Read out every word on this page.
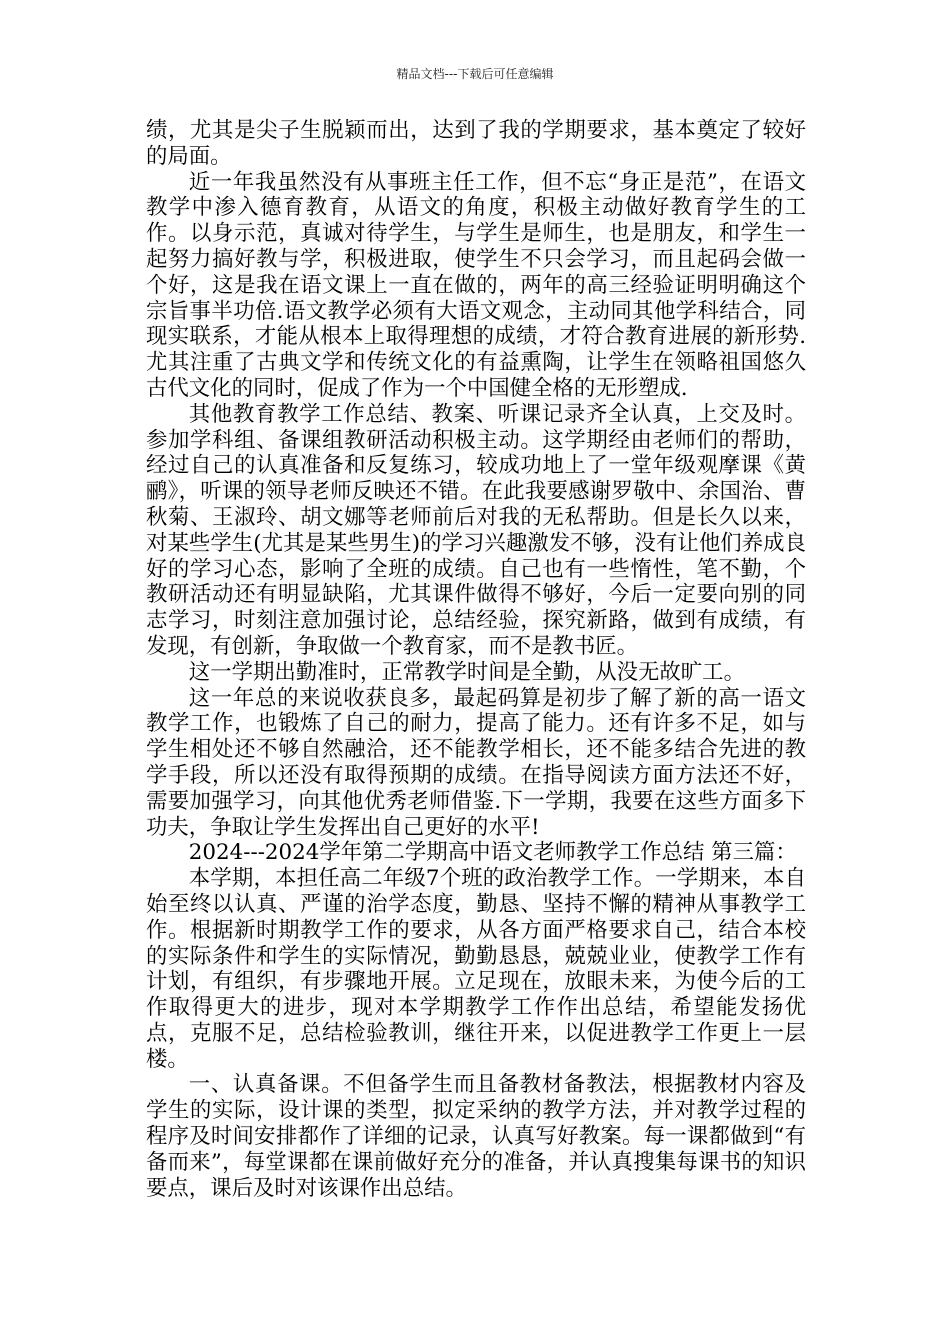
精品文档---下载后可任意编辑

绩，尤其是尖子生脱颖而出，达到了我的学期要求，基本奠定了较好的局面。

近一年我虽然没有从事班主任工作，但不忘“身正是范”，在语文教学中渗入德育教育，从语文的角度，积极主动做好教育学生的工作。以身示范，真诚对待学生，与学生是师生，也是朋友，和学生一起努力搞好教与学，积极进取，使学生不只会学习，而且起码会做一个好，这是我在语文课上一直在做的，两年的高三经验证明明确这个宗旨事半功倍.语文教学必须有大语文观念，主动同其他学科结合，同现实联系，才能从根本上取得理想的成绩，才符合教育进展的新形势.尤其注重了古典文学和传统文化的有益熏陶，让学生在领略祖国悠久古代文化的同时，促成了作为一个中国健全格的无形塑成.

其他教育教学工作总结、教案、听课记录齐全认真，上交及时。参加学科组、备课组教研活动积极主动。这学期经由老师们的帮助，经过自己的认真准备和反复练习，较成功地上了一堂年级观摩课《黄鹂》，听课的领导老师反映还不错。在此我要感谢罗敬中、余国治、曹秋菊、王淑玲、胡文娜等老师前后对我的无私帮助。但是长久以来，对某些学生(尤其是某些男生)的学习兴趣激发不够，没有让他们养成良好的学习心态，影响了全班的成绩。自己也有一些惰性，笔不勤，个教研活动还有明显缺陷，尤其课件做得不够好，今后一定要向别的同志学习，时刻注意加强讨论，总结经验，探究新路，做到有成绩，有发现，有创新，争取做一个教育家，而不是教书匠。

这一学期出勤准时，正常教学时间是全勤，从没无故旷工。

这一年总的来说收获良多，最起码算是初步了解了新的高一语文教学工作，也锻炼了自己的耐力，提高了能力。还有许多不足，如与学生相处还不够自然融洽，还不能教学相长，还不能多结合先进的教学手段，所以还没有取得预期的成绩。在指导阅读方面方法还不好，需要加强学习，向其他优秀老师借鉴.下一学期，我要在这些方面多下功夫，争取让学生发挥出自己更好的水平!

2024---2024学年第二学期高中语文老师教学工作总结 第三篇：

本学期，本担任高二年级7个班的政治教学工作。一学期来，本自始至终以认真、严谨的治学态度，勤恳、坚持不懈的精神从事教学工作。根据新时期教学工作的要求，从各方面严格要求自己，结合本校的实际条件和学生的实际情况，勤勤恳恳，兢兢业业，使教学工作有计划，有组织，有步骤地开展。立足现在，放眼未来，为使今后的工作取得更大的进步，现对本学期教学工作作出总结，希望能发扬优点，克服不足，总结检验教训，继往开来，以促进教学工作更上一层楼。

一、认真备课。不但备学生而且备教材备教法，根据教材内容及学生的实际，设计课的类型，拟定采纳的教学方法，并对教学过程的程序及时间安排都作了详细的记录，认真写好教案。每一课都做到“有备而来”，每堂课都在课前做好充分的准备，并认真搜集每课书的知识要点，课后及时对该课作出总结。
